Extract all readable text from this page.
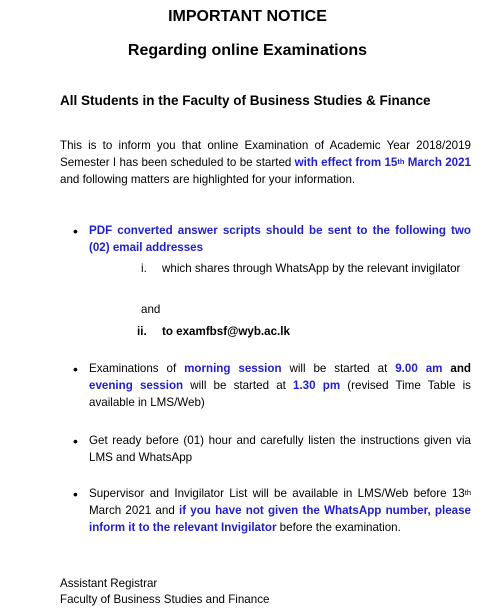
IMPORTANT NOTICE
Regarding online Examinations
All Students in the Faculty of Business Studies & Finance
This is to inform you that online Examination of Academic Year 2018/2019 Semester I has been scheduled to be started with effect from 15th March 2021 and following matters are highlighted for your information.
• PDF converted answer scripts should be sent to the following two (02) email addresses
i. which shares through WhatsApp by the relevant invigilator
and
ii. to examfbsf@wyb.ac.lk
• Examinations of morning session will be started at 9.00 am and evening session will be started at 1.30 pm (revised Time Table is available in LMS/Web)
• Get ready before (01) hour and carefully listen the instructions given via LMS and WhatsApp
• Supervisor and Invigilator List will be available in LMS/Web before 13th March 2021 and if you have not given the WhatsApp number, please inform it to the relevant Invigilator before the examination.
Assistant Registrar
Faculty of Business Studies and Finance
